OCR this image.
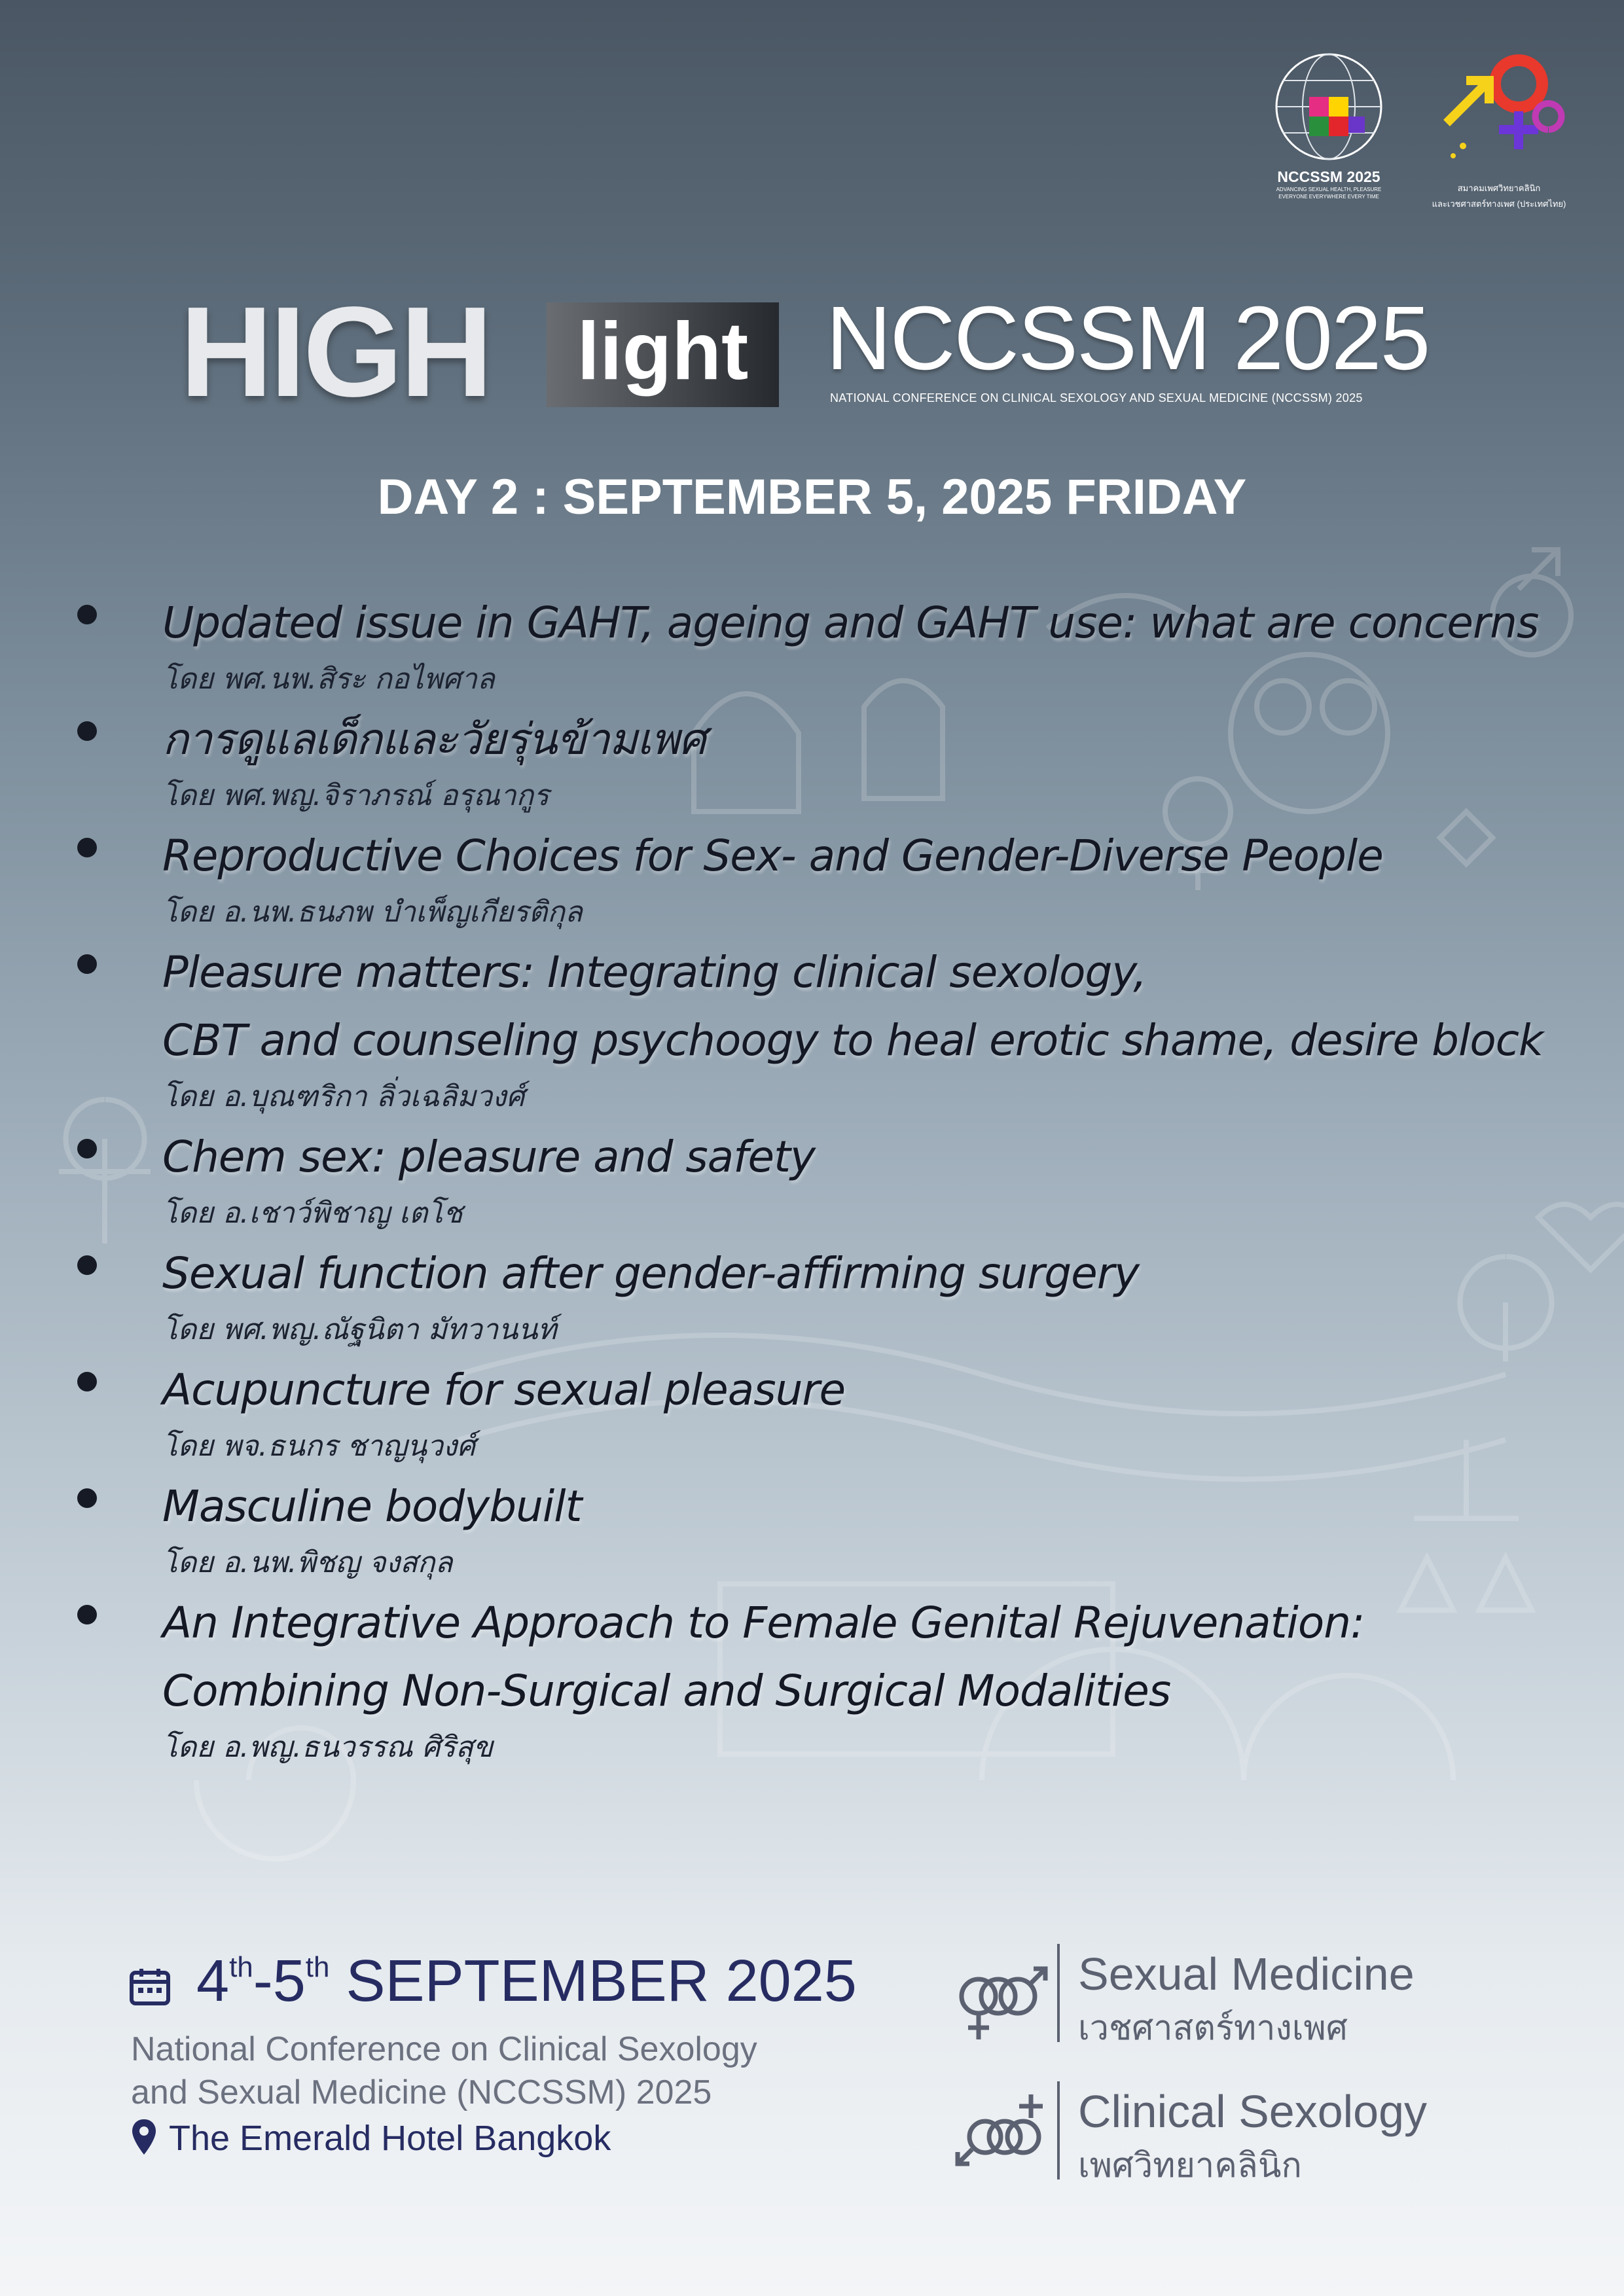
NCCSSM 2025
ADVANCING SEXUAL HEALTH, PLEASURE
EVERYONE EVERYWHERE EVERY TIME
สมาคมเพศวิทยาคลินิก
และเวชศาสตร์ทางเพศ (ประเทศไทย)
HIGH	light NCCSSM 2025
NATIONAL CONFERENCE ON CLINICAL SEXOLOGY AND SEXUAL MEDICINE (NCCSSM) 2025
DAY 2 : SEPTEMBER 5, 2025 FRIDAY
Updated issue in GAHT, ageing and GAHT use: what are concerns
โดย พศ.นพ.สิระ กอไพศาล
การดูแลเด็กและวัยรุ่นข้ามเพศ
โดย พศ.พญ.จิราภรณ์ อรุณากูร
Reproductive Choices for Sex- and Gender-Diverse People
โดย อ.นพ.ธนภพ บำเพ็ญเกียรติกุล
Pleasure matters: Integrating clinical sexology,
CBT and counseling psychoogy to heal erotic shame, desire block
โดย อ.บุณฑริกา ลิ่วเฉลิมวงศ์
Chem sex: pleasure and safety
โดย อ.เชาว์พิชาญ เตโช
Sexual function after gender-affirming surgery
โดย พศ.พญ.ณัฐนิตา มัทวานนท์
Acupuncture for sexual pleasure
โดย พจ.ธนกร ชาญนุวงศ์
Masculine bodybuilt
โดย อ.นพ.พิชญ จงสกุล
An Integrative Approach to Female Genital Rejuvenation:
Combining Non-Surgical and Surgical Modalities
โดย อ.พญ.ธนวรรณ ศิริสุข
4th-5th SEPTEMBER 2025
National Conference on Clinical Sexology
and Sexual Medicine (NCCSSM) 2025
The Emerald Hotel Bangkok
Sexual Medicine
เวชศาสตร์ทางเพศ
Clinical Sexology
เพศวิทยาคลินิก
